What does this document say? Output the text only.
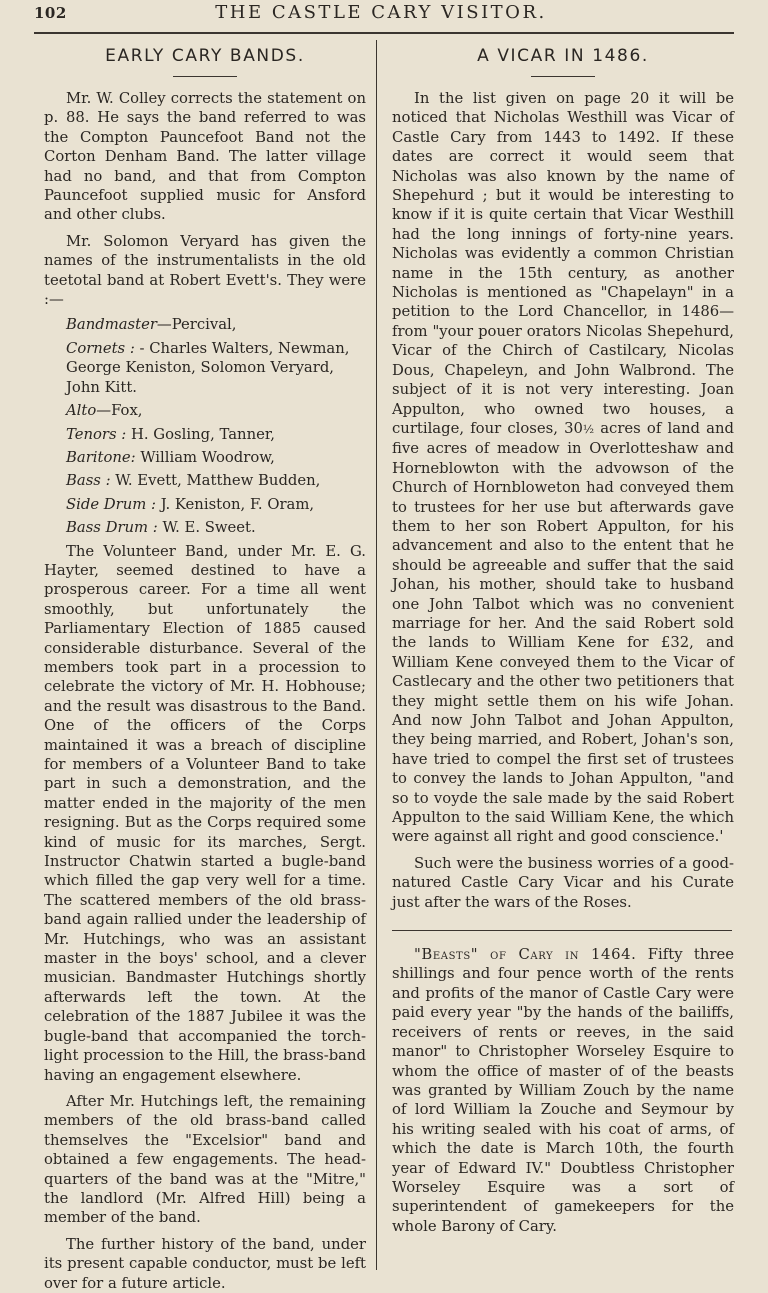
102	THE CASTLE CARY VISITOR.
EARLY CARY BANDS.

Mr. W. Colley corrects the statement on p. 88. He says the band referred to was the Compton Pauncefoot Band not the Corton Denham Band. The latter village had no band, and that from Compton Pauncefoot supplied music for Ansford and other clubs.

Mr. Solomon Veryard has given the names of the instrumentalists in the old teetotal band at Robert Evett's. They were :—

Bandmaster—Percival,
Cornets : - Charles Walters, Newman, George Keniston, Solomon Veryard, John Kitt.
Alto—Fox,
Tenors : H. Gosling, Tanner,
Baritone: William Woodrow,
Bass : W. Evett, Matthew Budden,
Side Drum : J. Keniston, F. Oram,
Bass Drum : W. E. Sweet.

The Volunteer Band, under Mr. E. G. Hayter, seemed destined to have a prosperous career. For a time all went smoothly, but unfortunately the Parliamentary Election of 1885 caused considerable disturbance. Several of the members took part in a procession to celebrate the victory of Mr. H. Hobhouse; and the result was disastrous to the Band. One of the officers of the Corps maintained it was a breach of discipline for members of a Volunteer Band to take part in such a demonstration, and the matter ended in the majority of the men resigning. But as the Corps required some kind of music for its marches, Sergt. Instructor Chatwin started a bugle-band which filled the gap very well for a time. The scattered members of the old brass-band again rallied under the leadership of Mr. Hutchings, who was an assistant master in the boys' school, and a clever musician. Bandmaster Hutchings shortly afterwards left the town. At the celebration of the 1887 Jubilee it was the bugle-band that accompanied the torch-light procession to the Hill, the brass-band having an engagement elsewhere.

After Mr. Hutchings left, the remaining members of the old brass-band called themselves the "Excelsior" band and obtained a few engagements. The head-quarters of the band was at the "Mitre," the landlord (Mr. Alfred Hill) being a member of the band.

The further history of the band, under its present capable conductor, must be left over for a future article.

A VICAR IN 1486.

In the list given on page 20 it will be noticed that Nicholas Westhill was Vicar of Castle Cary from 1443 to 1492. If these dates are correct it would seem that Nicholas was also known by the name of Shepehurd ; but it would be interesting to know if it is quite certain that Vicar Westhill had the long innings of forty-nine years. Nicholas was evidently a common Christian name in the 15th century, as another Nicholas is mentioned as "Chapelayn" in a petition to the Lord Chancellor, in 1486—from "your pouer orators Nicolas Shepehurd, Vicar of the Chirch of Castilcary, Nicolas Dous, Chapeleyn, and John Walbrond. The subject of it is not very interesting. Joan Appulton, who owned two houses, a curtilage, four closes, 30½ acres of land and five acres of meadow in Overlotteshaw and Horneblowton with the advowson of the Church of Hornbloweton had conveyed them to trustees for her use but afterwards gave them to her son Robert Appulton, for his advancement and also to the entent that he should be agreeable and suffer that the said Johan, his mother, should take to husband one John Talbot which was no convenient marriage for her. And the said Robert sold the lands to William Kene for £32, and William Kene conveyed them to the Vicar of Castlecary and the other two petitioners that they might settle them on his wife Johan. And now John Talbot and Johan Appulton, they being married, and Robert, Johan's son, have tried to compel the first set of trustees to convey the lands to Johan Appulton, "and so to voyde the sale made by the said Robert Appulton to the said William Kene, the which were against all right and good conscience.'

Such were the business worries of a good-natured Castle Cary Vicar and his Curate just after the wars of the Roses.

"Beasts" of Cary in 1464. Fifty three shillings and four pence worth of the rents and profits of the manor of Castle Cary were paid every year "by the hands of the bailiffs, receivers of rents or reeves, in the said manor" to Christopher Worseley Esquire to whom the office of master of of the beasts was granted by William Zouch by the name of lord William la Zouche and Seymour by his writing sealed with his coat of arms, of which the date is March 10th, the fourth year of Edward IV." Doubtless Christopher Worseley Esquire was a sort of superintendent of gamekeepers for the whole Barony of Cary.
